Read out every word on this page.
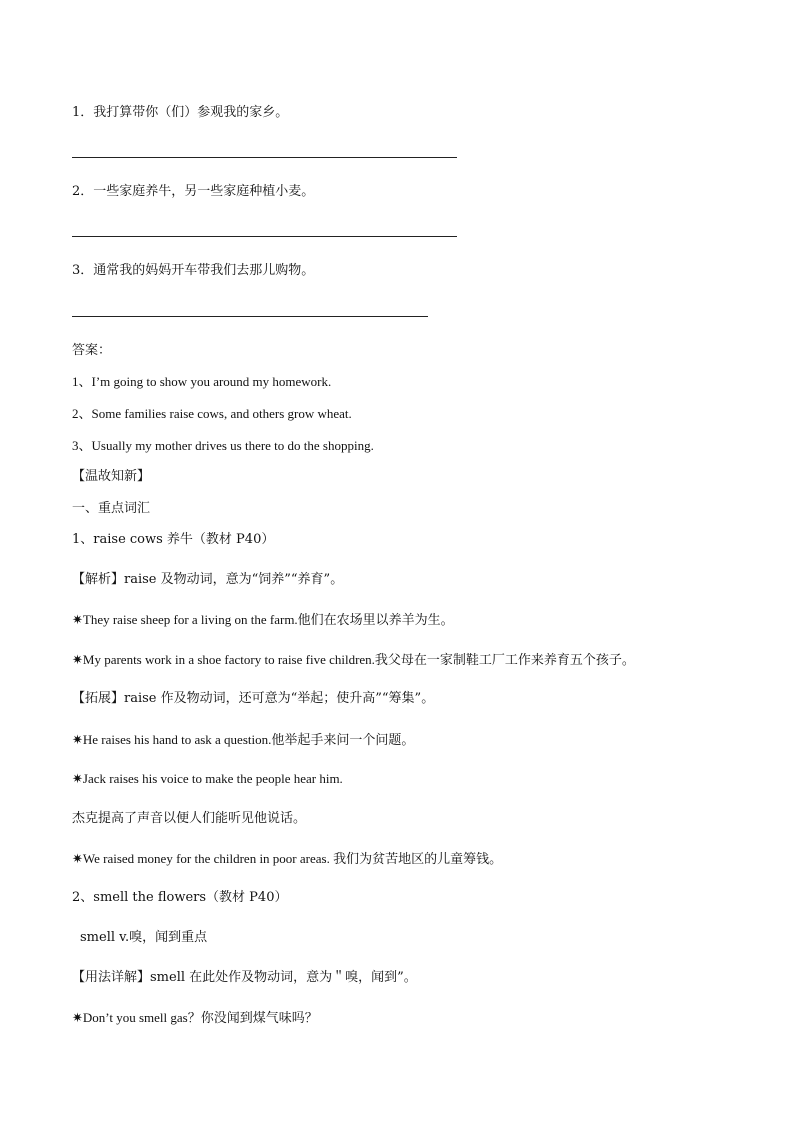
1．我打算带你（们）参观我的家乡。
2．一些家庭养牛，另一些家庭种植小麦。
3．通常我的妈妈开车带我们去那儿购物。
答案：
1、I’m going to show you around my homework.
2、Some families raise cows, and others grow wheat.
3、Usually my mother drives us there to do the shopping.
【温故知新】
一、重点词汇
1、raise cows 养牛（教材 P40）
【解析】raise 及物动词，意为“饲养”“养育”。
✷They raise sheep for a living on the farm.他们在农场里以养羊为生。
✷My parents work in a shoe factory to raise five children.我父母在一家制鞋工厂工作来养育五个孩子。
【拓展】raise 作及物动词，还可意为“举起；使升高”“筹集”。
✷He raises his hand to ask a question.他举起手来问一个问题。
✷Jack raises his voice to make the people hear him.
杰克提高了声音以便人们能听见他说话。
✷We raised money for the children in poor areas. 我们为贫苦地区的儿童筹钱。
2、smell the flowers（教材 P40）
smell v.嗅，闻到重点
【用法详解】smell 在此处作及物动词，意为＂嗅，闻到”。
✷Don’t you smell gas？你没闻到煤气味吗？
